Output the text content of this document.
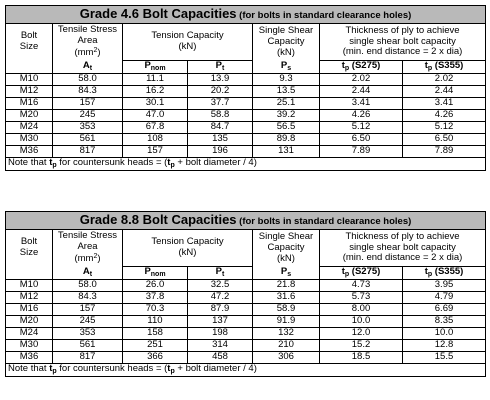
Grade 4.6 Bolt Capacities (for bolts in standard clearance holes)						
Bolt
Size	Tensile Stress Area
$(mm^2)$	Tension Capacity
(kN)		Single Shear Capacity
(kN)	Thickness of ply to achieve
single shear bolt capacity
(min. end distance = 2 x dia)	
	$A_t$	$P_{nom}$	$P_t$	$P_s$	$t_p$ (S275)	$t_p$ (S355)
M10	58.0	11.1	13.9	9.3	2.02	2.02
M12	84.3	16.2	20.2	13.5	2.44	2.44
M16	157	30.1	37.7	25.1	3.41	3.41
M20	245	47.0	58.8	39.2	4.26	4.26
M24	353	67.8	84.7	56.5	5.12	5.12
M30	561	108	135	89.8	6.50	6.50
M36	817	157	196	131	7.89	7.89
Note that $t_p$ for countersunk heads = ($t_p$ + bolt diameter / 4)						
Grade 8.8 Bolt Capacities (for bolts in standard clearance holes)						
Bolt
Size	Tensile Stress Area
$(mm^2)$	Tension Capacity
(kN)		Single Shear Capacity
(kN)	Thickness of ply to achieve
single shear bolt capacity
(min. end distance = 2 x dia)	
	$A_t$	$P_{nom}$	$P_t$	$P_s$	$t_p$ (S275)	$t_p$ (S355)
M10	58.0	26.0	32.5	21.8	4.73	3.95
M12	84.3	37.8	47.2	31.6	5.73	4.79
M16	157	70.3	87.9	58.9	8.00	6.69
M20	245	110	137	91.9	10.0	8.35
M24	353	158	198	132	12.0	10.0
M30	561	251	314	210	15.2	12.8
M36	817	366	458	306	18.5	15.5
Note that $t_p$ for countersunk heads = ($t_p$ + bolt diameter / 4)						
